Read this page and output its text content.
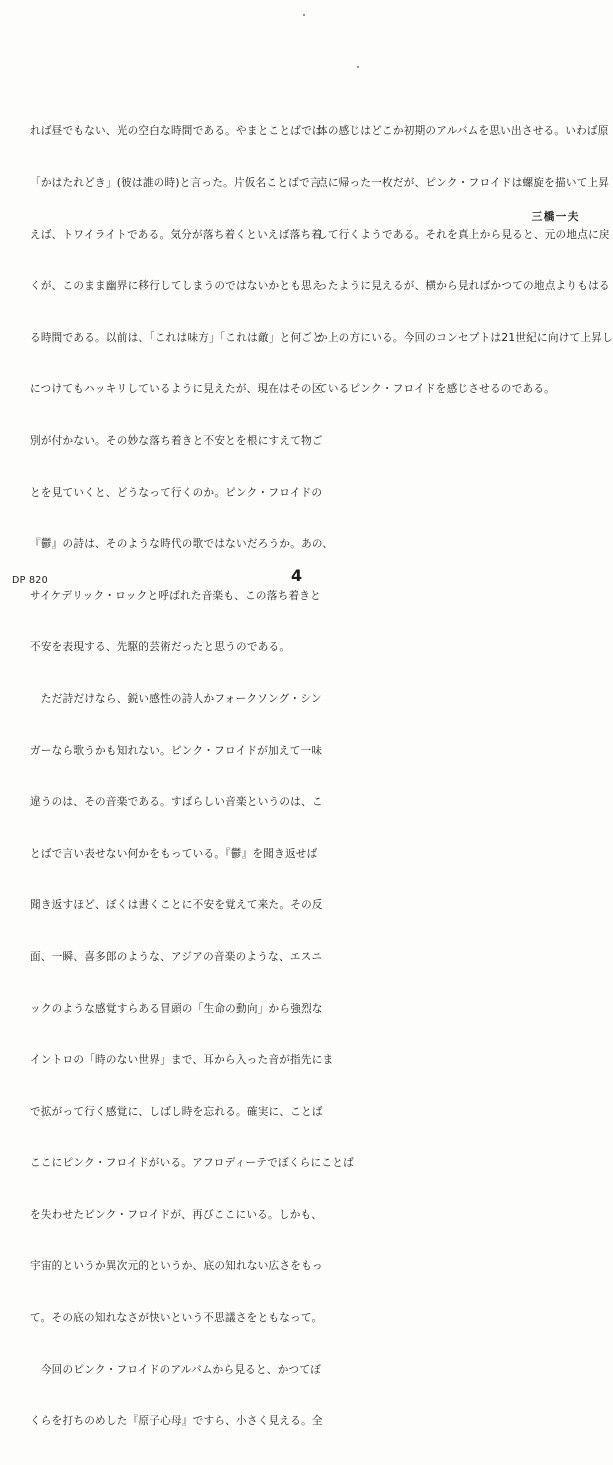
れば昼でもない、光の空白な時間である。やまとことばでは

「かはたれどき」(彼は誰の時)と言った。片仮名ことばで言

えば、トワイライトである。気分が落ち着くといえば落ち着

くが、このまま幽界に移行してしまうのではないかとも思え

る時間である。以前は、「これは味方」「これは敵」と何ごと

につけてもハッキリしているように見えたが、現在はその区

別が付かない。その妙な落ち着きと不安とを根にすえて物ご

とを見ていくと、どうなって行くのか。ピンク・フロイドの

『鬱』の詩は、そのような時代の歌ではないだろうか。あの、

サイケデリック・ロックと呼ばれた音楽も、この落ち着きと

不安を表現する、先駆的芸術だったと思うのである。

　ただ詩だけなら、鋭い感性の詩人かフォークソング・シン

ガーなら歌うかも知れない。ピンク・フロイドが加えて一味

違うのは、その音楽である。すばらしい音楽というのは、こ

とばで言い表せない何かをもっている。『鬱』を聞き返せば

聞き返すほど、ぼくは書くことに不安を覚えて来た。その反

面、一瞬、喜多郎のような、アジアの音楽のような、エスニ

ックのような感覚すらある冒頭の「生命の動向」から強烈な

イントロの「時のない世界」まで、耳から入った音が指先にま

で拡がって行く感覚に、しばし時を忘れる。確実に、ことば

ここにピンク・フロイドがいる。アフロディーテでぼくらにことば

を失わせたピンク・フロイドが、再びここにいる。しかも、

宇宙的というか異次元的というか、底の知れない広さをもっ

て。その底の知れなさが快いという不思議さをともなって。

　今回のピンク・フロイドのアルバムから見ると、かつてぼ

くらを打ちのめした『原子心母』ですら、小さく見える。全

体の感じはどこか初期のアルバムを思い出させる。いわば原

点に帰った一枚だが、ピンク・フロイドは螺旋を描いて上昇

して行くようである。それを真上から見ると、元の地点に戻

ったように見えるが、横から見ればかつての地点よりもはる

か上の方にいる。今回のコンセプトは21世紀に向けて上昇し

ているピンク・フロイドを感じさせるのである。

三橋一夫
DP 820	4
